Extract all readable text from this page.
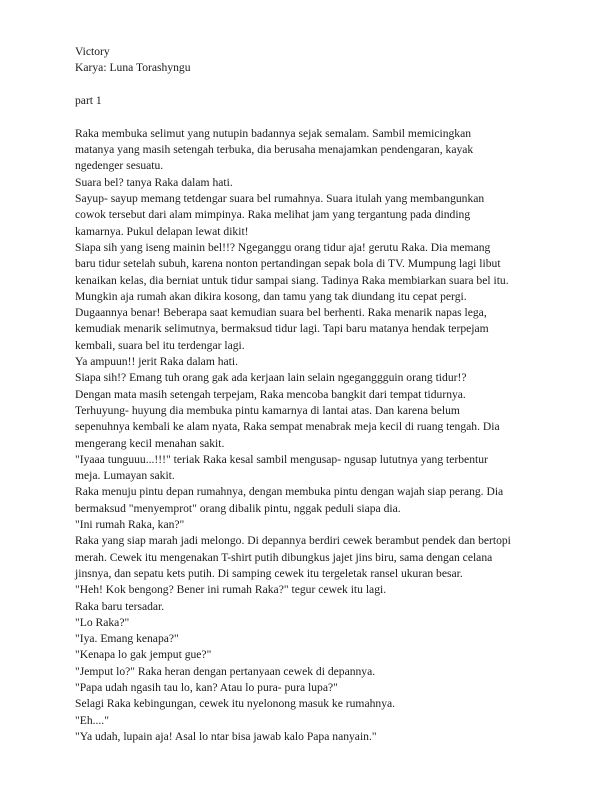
Victory
Karya: Luna Torashyngu
part 1
Raka membuka selimut yang nutupin badannya sejak semalam. Sambil memicingkan
matanya yang masih setengah terbuka, dia berusaha menajamkan pendengaran, kayak
ngedenger sesuatu.
Suara bel? tanya Raka dalam hati.
Sayup- sayup memang tetdengar suara bel rumahnya. Suara itulah yang membangunkan
cowok tersebut dari alam mimpinya. Raka melihat jam yang tergantung pada dinding
kamarnya. Pukul delapan lewat dikit!
Siapa sih yang iseng mainin bel!!? Ngeganggu orang tidur aja! gerutu Raka. Dia memang
baru tidur setelah subuh, karena nonton pertandingan sepak bola di TV. Mumpung lagi libut
kenaikan kelas, dia berniat untuk tidur sampai siang. Tadinya Raka membiarkan suara bel itu.
Mungkin aja rumah akan dikira kosong, dan tamu yang tak diundang itu cepat pergi.
Dugaannya benar! Beberapa saat kemudian suara bel berhenti. Raka menarik napas lega,
kemudiak menarik selimutnya, bermaksud tidur lagi. Tapi baru matanya hendak terpejam
kembali, suara bel itu terdengar lagi.
Ya ampuun!! jerit Raka dalam hati.
Siapa sih!? Emang tuh orang gak ada kerjaan lain selain ngeganggguin orang tidur!?
Dengan mata masih setengah terpejam, Raka mencoba bangkit dari tempat tidurnya.
Terhuyung- huyung dia membuka pintu kamarnya di lantai atas. Dan karena belum
sepenuhnya kembali ke alam nyata, Raka sempat menabrak meja kecil di ruang tengah. Dia
mengerang kecil menahan sakit.
"Iyaaa tunguuu...!!!" teriak Raka kesal sambil mengusap- ngusap lututnya yang terbentur
meja. Lumayan sakit.
Raka menuju pintu depan rumahnya, dengan membuka pintu dengan wajah siap perang. Dia
bermaksud "menyemprot" orang dibalik pintu, nggak peduli siapa dia.
"Ini rumah Raka, kan?"
Raka yang siap marah jadi melongo. Di depannya berdiri cewek berambut pendek dan bertopi
merah. Cewek itu mengenakan T-shirt putih dibungkus jajet jins biru, sama dengan celana
jinsnya, dan sepatu kets putih. Di samping cewek itu tergeletak ransel ukuran besar.
"Heh! Kok bengong? Bener ini rumah Raka?" tegur cewek itu lagi.
Raka baru tersadar.
"Lo Raka?"
"Iya. Emang kenapa?"
"Kenapa lo gak jemput gue?"
"Jemput lo?" Raka heran dengan pertanyaan cewek di depannya.
"Papa udah ngasih tau lo, kan? Atau lo pura- pura lupa?"
Selagi Raka kebingungan, cewek itu nyelonong masuk ke rumahnya.
"Eh...."
"Ya udah, lupain aja! Asal lo ntar bisa jawab kalo Papa nanyain."
